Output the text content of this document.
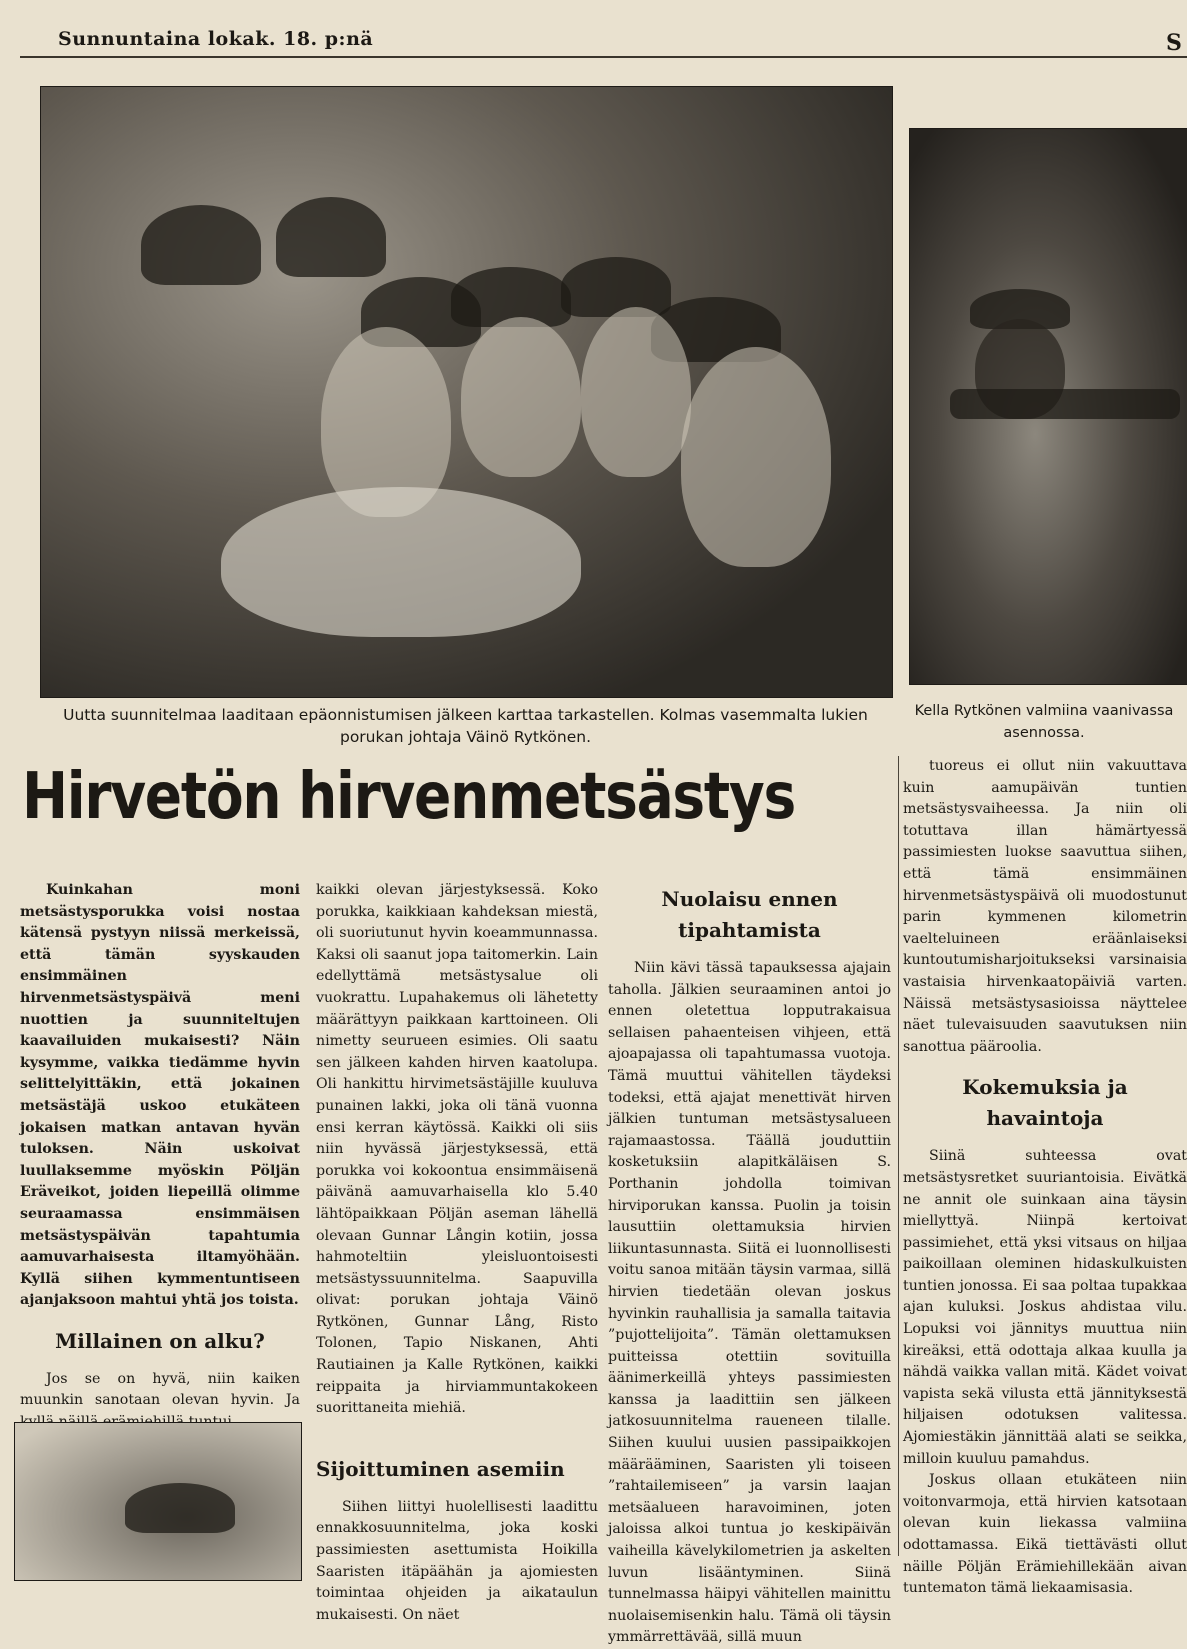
Sunnuntaina lokak. 18. p:nä	S
Uutta suunnitelmaa laaditaan epäonnistumisen jälkeen karttaa tarkastellen. Kolmas vasemmalta lukien porukan johtaja Väinö Rytkönen.
Kella Rytkönen valmiina vaanivassa asennossa.
Hirvetön hirvenmetsästys

Kuinkahan moni metsästysporukka voisi nostaa kätensä pystyyn niissä merkeissä, että tämän syyskauden ensimmäinen hirvenmetsästyspäivä meni nuottien ja suunniteltujen kaavailuiden mukaisesti? Näin kysymme, vaikka tiedämme hyvin selittelyittäkin, että jokainen metsästäjä uskoo etukäteen jokaisen matkan antavan hyvän tuloksen. Näin uskoivat luullaksemme myöskin Pöljän Eräveikot, joiden liepeillä olimme seuraamassa ensimmäisen metsästyspäivän tapahtumia aamuvarhaisesta iltamyöhään. Kyllä siihen kymmentuntiseen ajanjaksoon mahtui yhtä jos toista.

Millainen on alku?

Jos se on hyvä, niin kaiken muunkin sanotaan olevan hyvin. Ja

kaikki olevan järjestyksessä. Koko porukka, kaikkiaan kahdeksan miestä, oli suoriutunut hyvin koeammunnassa. Kaksi oli saanut jopa taitomerkin. Lain edellyttämä metsästysalue oli vuokrattu. Lupahakemus oli lähetetty määrättyyn paikkaan karttoineen. Oli nimetty seurueen esimies. Oli saatu sen jälkeen kahden hirven kaatolupa. Oli hankittu hirvimetsästäjille kuuluva punainen lakki, joka oli tänä vuonna ensi kerran käytössä. Kaikki oli siis niin hyvässä järjestyksessä, että porukka voi kokoontua ensimmäisenä päivänä aamuvarhaisella klo 5.40 lähtöpaikkaan Pöljän aseman lähellä olevaan Gunnar Långin kotiin, jossa hahmoteltiin yleisluontoisesti metsästyssuunnitelma. Saapuvilla olivat: porukan johtaja Väinö Rytkönen, Gunnar Lång, Risto Tolonen, Tapio Niskanen, Ahti Rautiainen ja Kalle Rytkönen, kaikki reippaita ja hirviammuntakokeen suorittaneita miehiä.

Sijoittuminen asemiin

Siihen liittyi huolellisesti laadittu ennakkosuunnitelma, joka koski passimiesten asettumista Hoikilla Saaristen itäpäähän ja ajomiesten toimintaa ohjeiden ja aikataulun mukaisesti. On näet

Nuolaisu ennen tipahtamista

Niin kävi tässä tapauksessa ajajain taholla. Jälkien seuraaminen antoi jo ennen oletettua lopputrakaisua sellaisen pahaenteisen vihjeen, että ajoapajassa oli tapahtumassa vuotoja. Tämä muuttui vähitellen täydeksi todeksi, että ajajat menettivät hirven jälkien tuntuman metsästysalueen rajamaastossa. Täällä jouduttiin kosketuksiin alapitkäläisen S. Porthanin johdolla toimivan hirviporukan kanssa. Puolin ja toisin lausuttiin olettamuksia hirvien liikuntasunnasta. Siitä ei luonnollisesti voitu sanoa mitään täysin varmaa, sillä hirvien tiedetään olevan joskus hyvinkin rauhallisia ja samalla taitavia ”pujottelijoita”. Tämän olettamuksen puitteissa otettiin sovituilla äänimerkeillä yhteys passimiesten kanssa ja laadittiin sen jälkeen jatkosuunnitelma raueneen tilalle. Siihen kuului uusien passipaikkojen määrääminen, Saaristen yli toiseen ”rahtailemiseen” ja varsin laajan metsäalueen haravoiminen, joten jaloissa alkoi tuntua jo keskipäivän vaiheilla kävelykilometrien ja askelten luvun lisääntyminen. Siinä tunnelmassa häipyi vähitellen mainittu nuolaisemisenkin halu. Tämä oli täysin ymmärrettävää, sillä muun

tuoreus ei ollut niin vakuuttava kuin aamupäivän tuntien metsästysvaiheessa. Ja niin oli totuttava illan hämärtyessä passimiesten luokse saavuttua siihen, että tämä ensimmäinen hirvenmetsästyspäivä oli muodostunut parin kymmenen kilometrin vaelteluineen eräänlaiseksi kuntoutumisharjoitukseksi varsinaisia vastaisia hirvenkaatopäiviä varten. Näissä metsästysasioissa näytteleе näet tulevaisuuden saavutuksen niin sanottua pääroolia.

Kokemuksia ja havaintoja

Siinä suhteessa ovat metsästysretket suuriantoisia. Eivätkä ne annit ole suinkaan aina täysin miellyttyä. Niinpä kertoivat passimiehet, että yksi vitsaus on hiljaa paikoillaan oleminen hidaskulkuisten tuntien jonossa. Ei saa poltaa tupakkaa ajan kuluksi. Joskus ahdistaa vilu. Lopuksi voi jännitys muuttua niin kireäksi, että odottaja alkaa kuulla ja nähdä vaikka vallan mitä. Kädet voivat vapista sekä vilusta että jännityksestä hiljaisen odotuksen valitessa. Ajomiestäkin jännittää alati se seikka, milloin kuuluu pamahdus.

Joskus ollaan etukäteen niin voitonvarmoja, että hirvien katsotaan olevan kuin liekassa valmiina odottamassa. Eikä tiettävästi ollut näille Pöljän Erämiehillekään aivan tuntematon tämä liekaamisasia.
